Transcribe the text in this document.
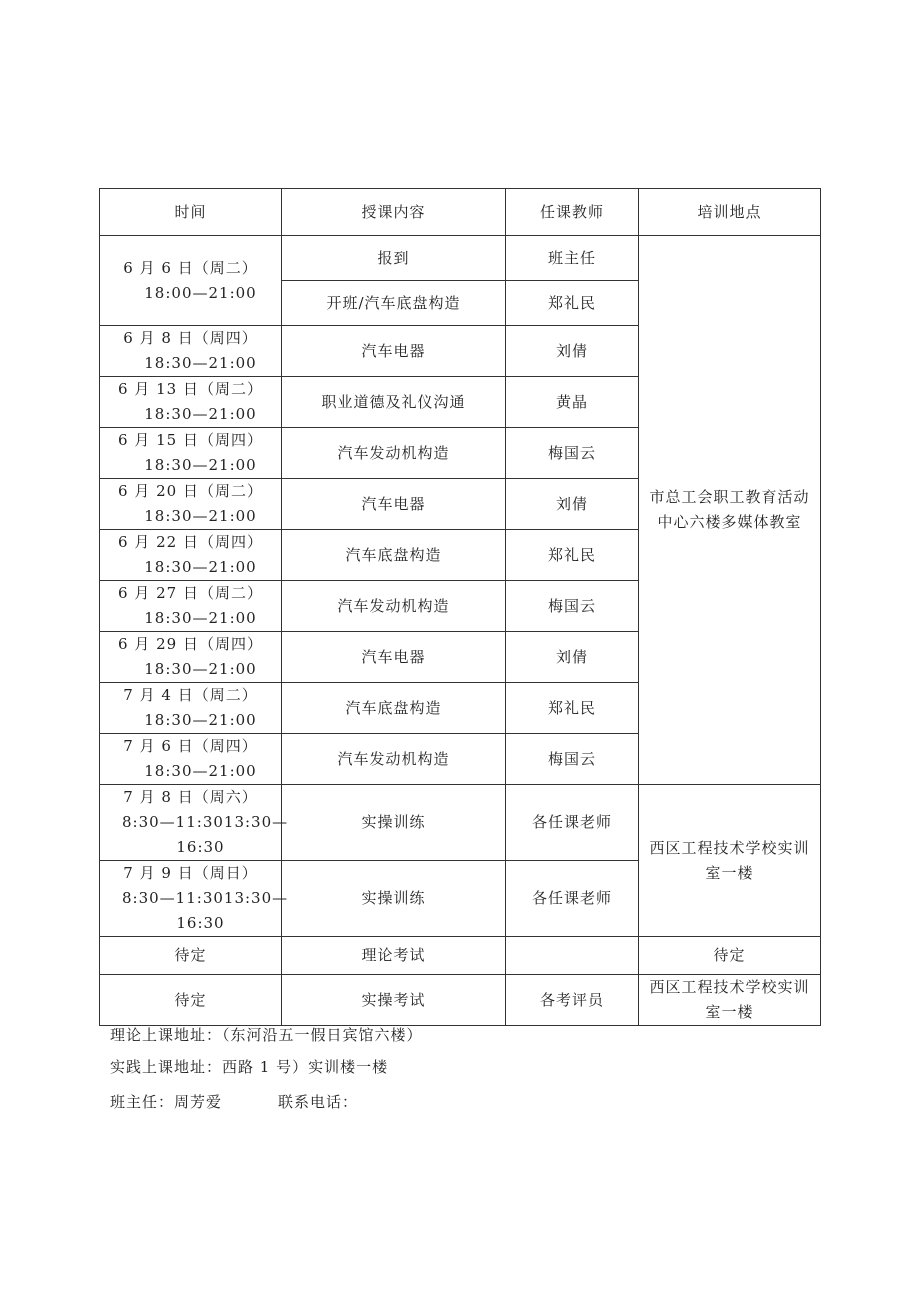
时间	授课内容	任课教师	培训地点

6 月 6 日（周二）
18:00—21:00	报到	班主任	市总工会职工教育活动
中心六楼多媒体教室

	开班/汽车底盘构造	郑礼民	

6 月 8 日（周四）
18:30—21:00	汽车电器	刘倩	

6 月 13 日（周二）
18:30—21:00	职业道德及礼仪沟通	黄晶	

6 月 15 日（周四）
18:30—21:00	汽车发动机构造	梅国云	

6 月 20 日（周二）
18:30—21:00	汽车电器	刘倩	

6 月 22 日（周四）
18:30—21:00	汽车底盘构造	郑礼民	

6 月 27 日（周二）
18:30—21:00	汽车发动机构造	梅国云	

6 月 29 日（周四）
18:30—21:00	汽车电器	刘倩	

7 月 4 日（周二）
18:30—21:00	汽车底盘构造	郑礼民	

7 月 6 日（周四）
18:30—21:00	汽车发动机构造	梅国云	

7 月 8 日（周六）
8:30—11:3013:30—
16:30	实操训练	各任课老师	西区工程技术学校实训
室一楼

7 月 9 日（周日）
8:30—11:3013:30—
16:30	实操训练	各任课老师	
待定	理论考试		待定
待定	实操考试	各考评员	西区工程技术学校实训
室一楼
理论上课地址：（东河沿五一假日宾馆六楼）
实践上课地址：西路 1 号）实训楼一楼
班主任：周芳爱	联系电话：
